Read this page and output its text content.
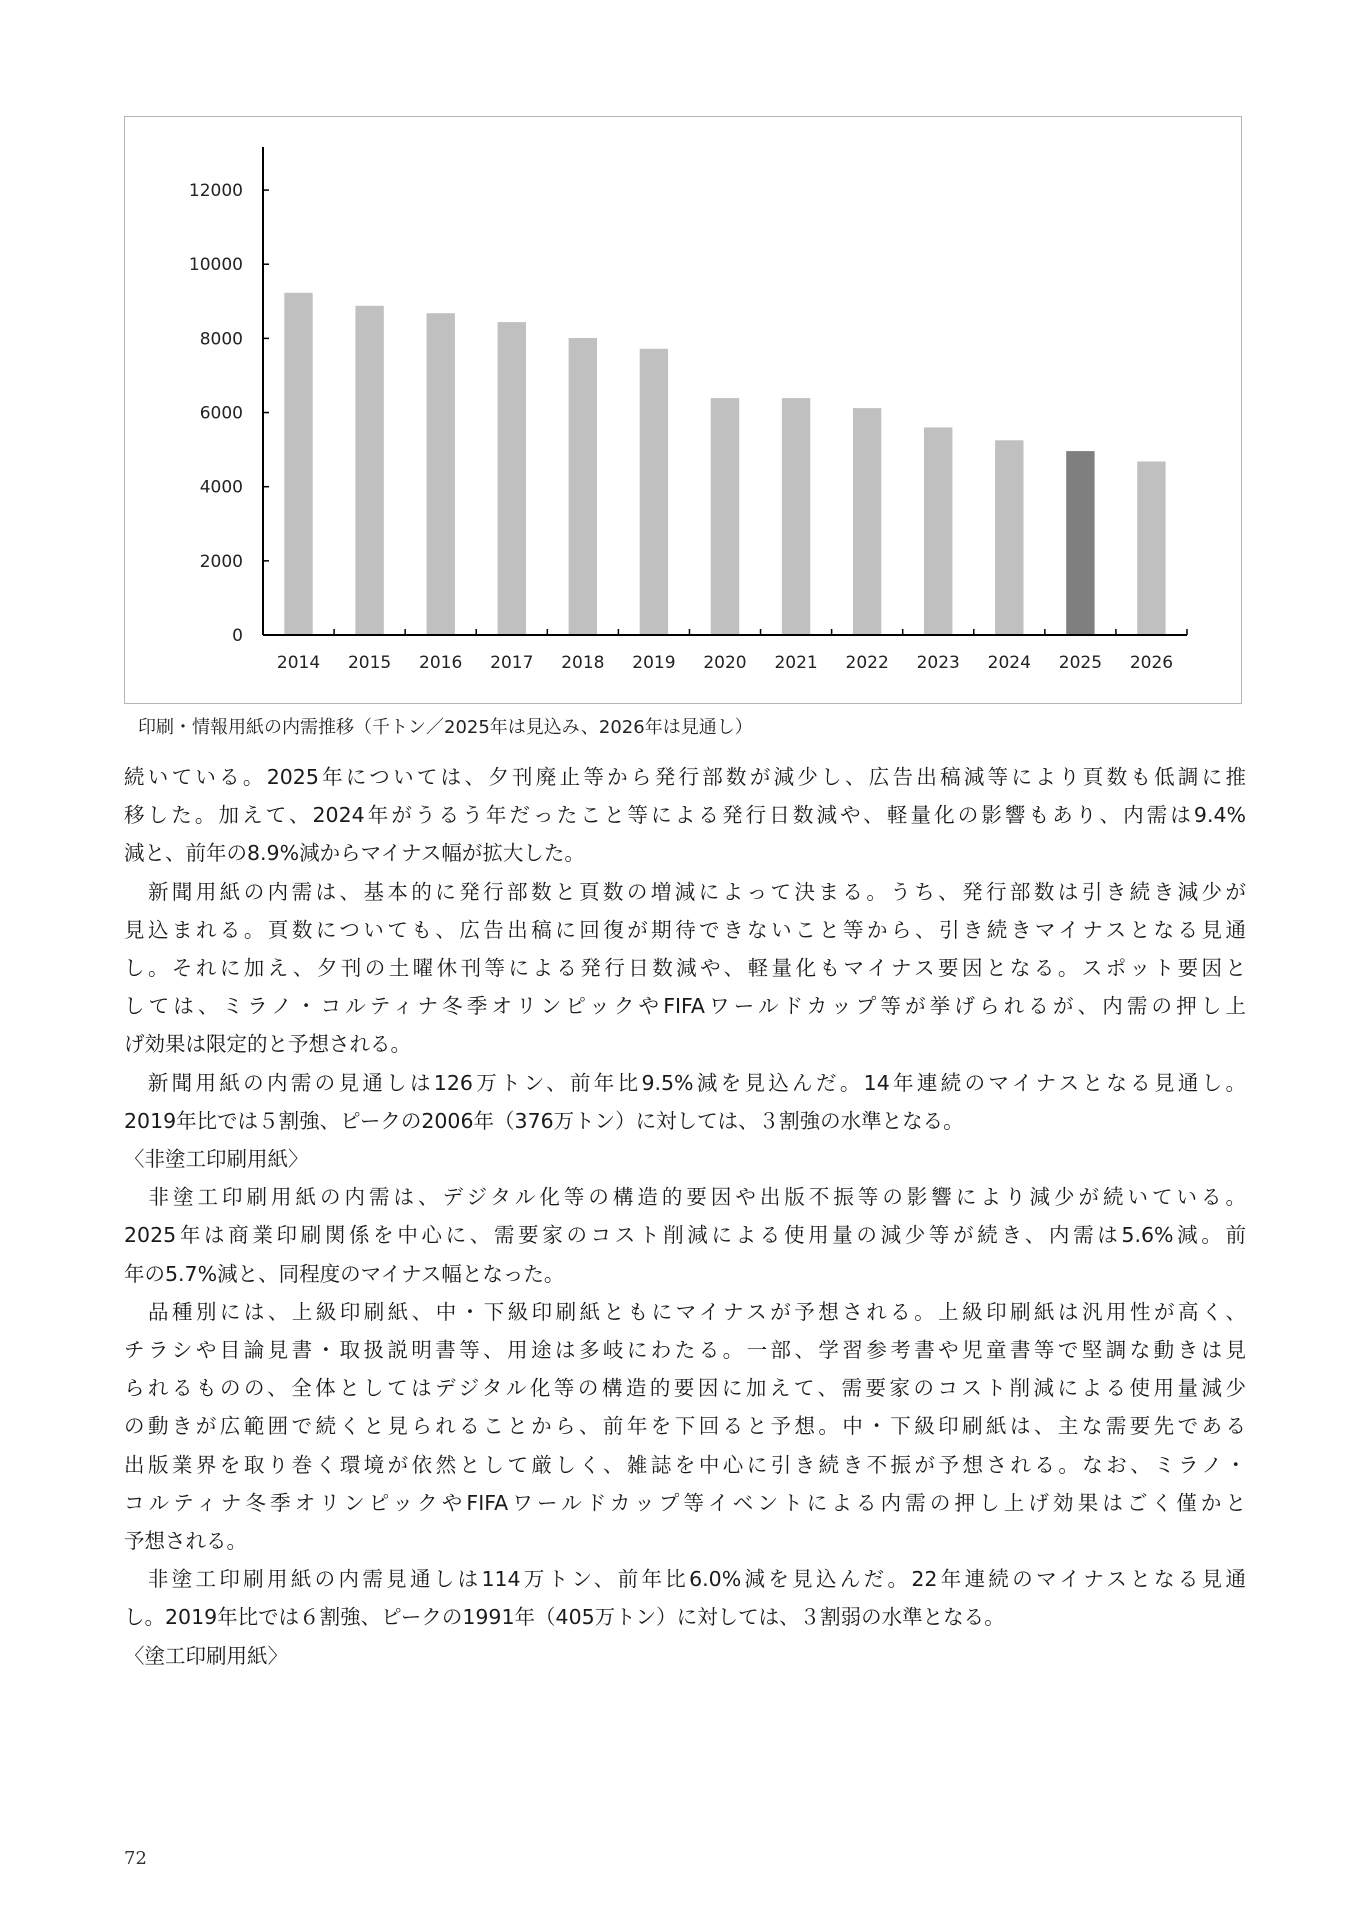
0
2000
4000
6000
8000
10000
12000
2014 2015 2016 2017 2018 2019 2020 2021 2022 2023 2024 2025 2026
印刷・情報用紙の内需推移（千トン／2025年は見込み、2026年は見通し）
続いている。2025年については、夕刊廃止等から発行部数が減少し、広告出稿減等により頁数も低調に推
移した。加えて、2024年がうるう年だったこと等による発行日数減や、軽量化の影響もあり、内需は9.4%
減と、前年の8.9%減からマイナス幅が拡大した。
　新聞用紙の内需は、基本的に発行部数と頁数の増減によって決まる。うち、発行部数は引き続き減少が
見込まれる。頁数についても、広告出稿に回復が期待できないこと等から、引き続きマイナスとなる見通
し。それに加え、夕刊の土曜休刊等による発行日数減や、軽量化もマイナス要因となる。スポット要因と
しては、ミラノ・コルティナ冬季オリンピックやFIFAワールドカップ等が挙げられるが、内需の押し上
げ効果は限定的と予想される。
　新聞用紙の内需の見通しは126万トン、前年比9.5%減を見込んだ。14年連続のマイナスとなる見通し。
2019年比では５割強、ピークの2006年（376万トン）に対しては、３割強の水準となる。
〈非塗工印刷用紙〉
　非塗工印刷用紙の内需は、デジタル化等の構造的要因や出版不振等の影響により減少が続いている。
2025年は商業印刷関係を中心に、需要家のコスト削減による使用量の減少等が続き、内需は5.6%減。前
年の5.7%減と、同程度のマイナス幅となった。
　品種別には、上級印刷紙、中・下級印刷紙ともにマイナスが予想される。上級印刷紙は汎用性が高く、
チラシや目論見書・取扱説明書等、用途は多岐にわたる。一部、学習参考書や児童書等で堅調な動きは見
られるものの、全体としてはデジタル化等の構造的要因に加えて、需要家のコスト削減による使用量減少
の動きが広範囲で続くと見られることから、前年を下回ると予想。中・下級印刷紙は、主な需要先である
出版業界を取り巻く環境が依然として厳しく、雑誌を中心に引き続き不振が予想される。なお、ミラノ・
コルティナ冬季オリンピックやFIFAワールドカップ等イベントによる内需の押し上げ効果はごく僅かと
予想される。
　非塗工印刷用紙の内需見通しは114万トン、前年比6.0%減を見込んだ。22年連続のマイナスとなる見通
し。2019年比では６割強、ピークの1991年（405万トン）に対しては、３割弱の水準となる。
〈塗工印刷用紙〉
72
